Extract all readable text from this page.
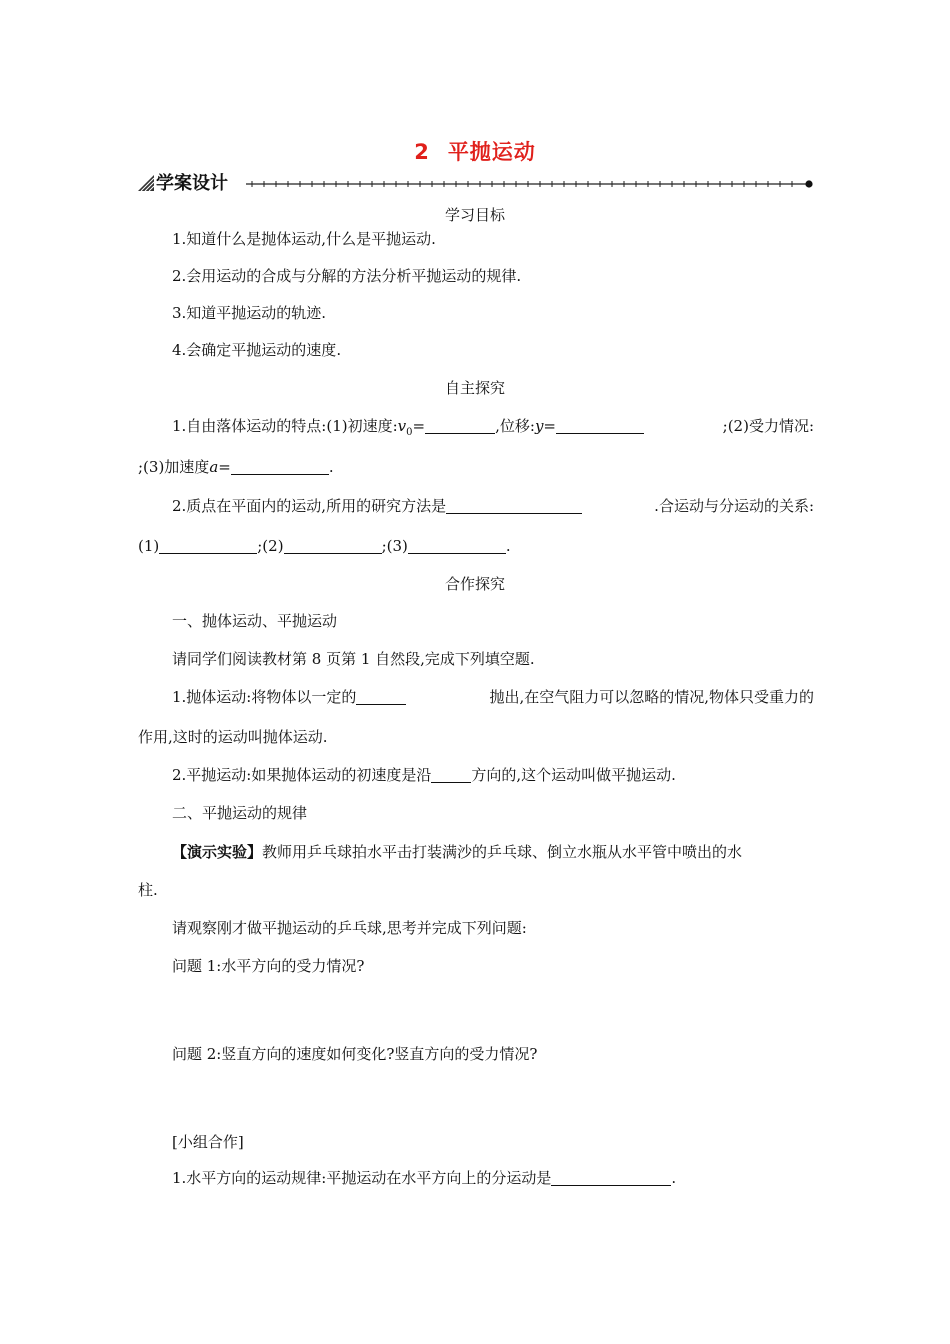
2 平抛运动
学案设计
学习目标
1.知道什么是抛体运动,什么是平抛运动.
2.会用运动的合成与分解的方法分析平抛运动的规律.
3.知道平抛运动的轨迹.
4.会确定平抛运动的速度.
自主探究
1.自由落体运动的特点:(1)初速度$:v_0=$	,位移:y=	;(2)受力情况:
;(3)加速度a=	.
2.质点在平面内的运动,所用的研究方法是	.合运动与分运动的关系:
(1)	;(2)	;(3)	.
合作探究
一、抛体运动、平抛运动
请同学们阅读教材第 8 页第 1 自然段,完成下列填空题.
1.抛体运动:将物体以一定的	抛出,在空气阻力可以忽略的情况,物体只受重力的
作用,这时的运动叫抛体运动.
2.平抛运动:如果抛体运动的初速度是沿	方向的,这个运动叫做平抛运动.
二、平抛运动的规律
【演示实验】教师用乒乓球拍水平击打装满沙的乒乓球、倒立水瓶从水平管中喷出的水
柱.
请观察刚才做平抛运动的乒乓球,思考并完成下列问题:
问题 1:水平方向的受力情况?
问题 2:竖直方向的速度如何变化?竖直方向的受力情况?
[小组合作]
1.水平方向的运动规律:平抛运动在水平方向上的分运动是	.
